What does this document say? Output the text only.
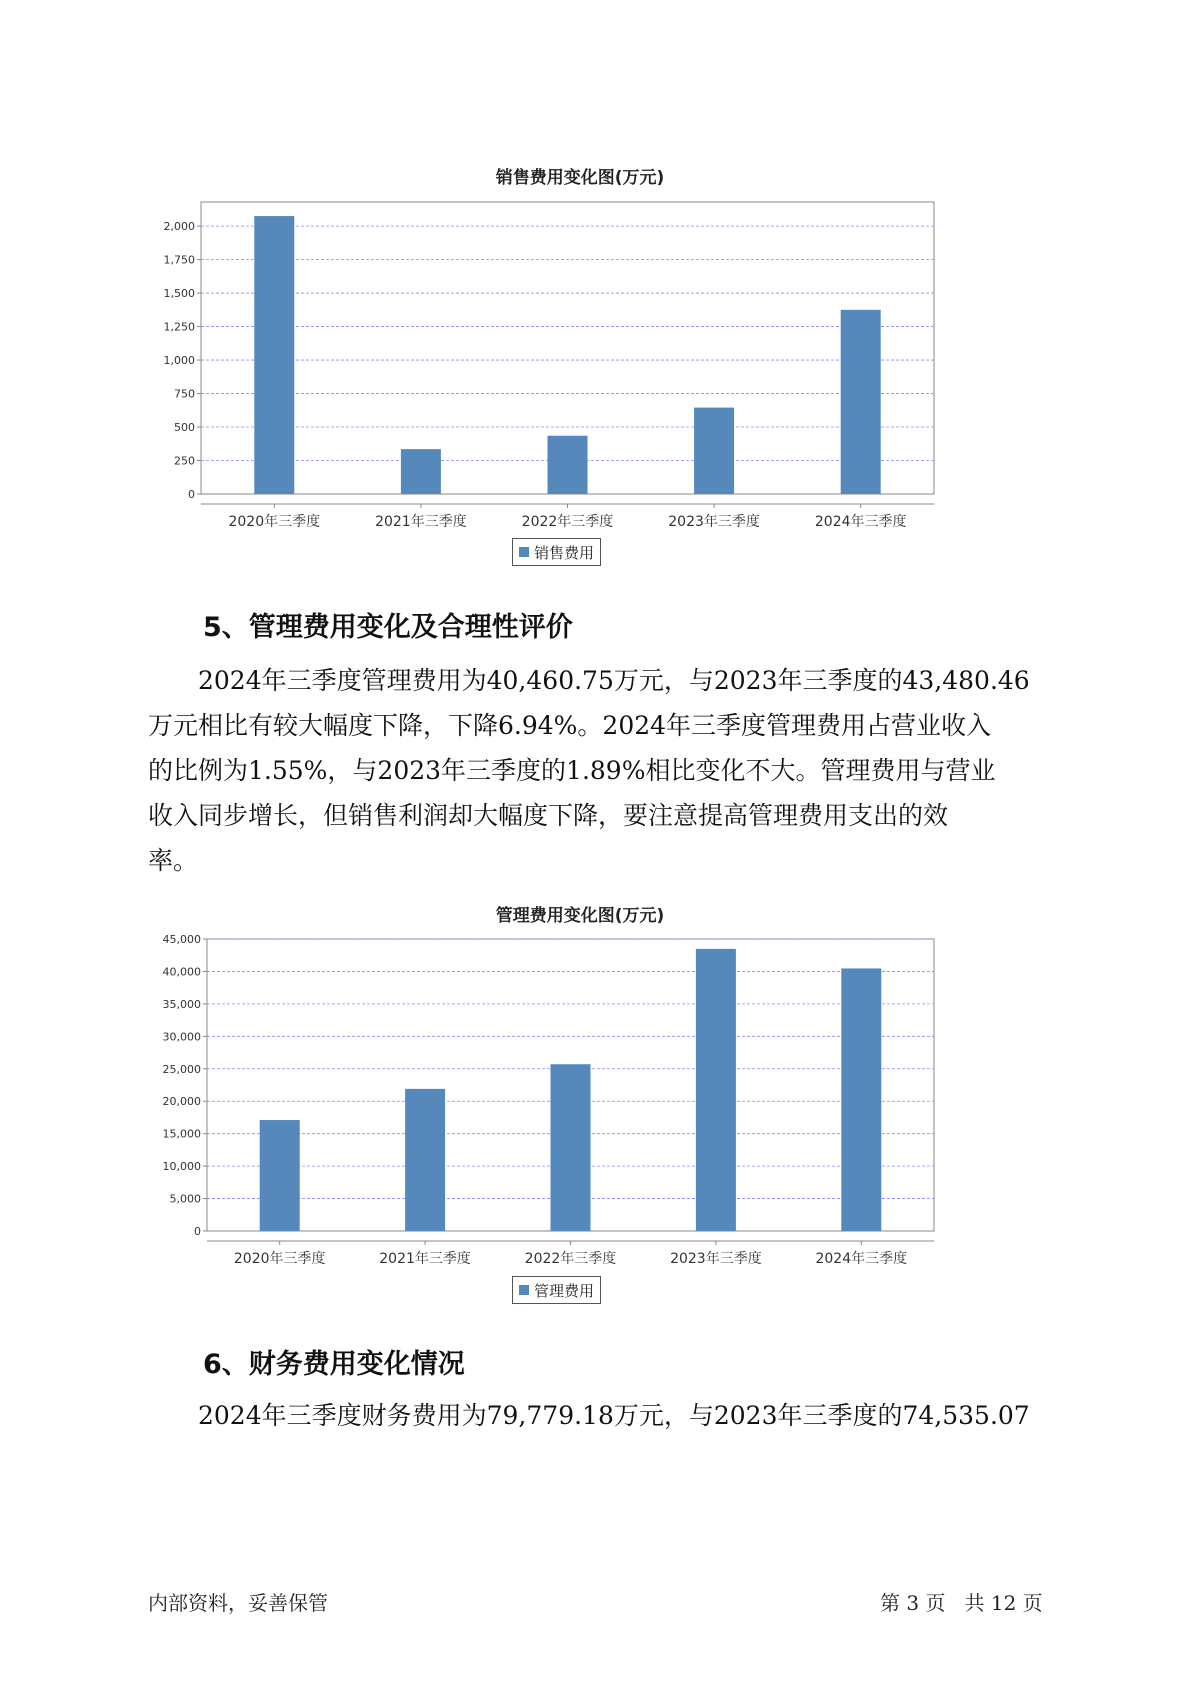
销售费用变化图(万元)
0
250
500
750
1,000
1,250
1,500
1,750
2,000
2020年三季度	2021年三季度	2022年三季度	2023年三季度	2024年三季度
销售费用
5、管理费用变化及合理性评价
2024年三季度管理费用为40,460.75万元，与2023年三季度的43,480.46
万元相比有较大幅度下降，下降6.94%。2024年三季度管理费用占营业收入
的比例为1.55%，与2023年三季度的1.89%相比变化不大。管理费用与营业
收入同步增长，但销售利润却大幅度下降，要注意提高管理费用支出的效
率。
管理费用变化图(万元)
0
5,000
10,000
15,000
20,000
25,000
30,000
35,000
40,000
45,000
2020年三季度	2021年三季度	2022年三季度	2023年三季度	2024年三季度
管理费用
6、财务费用变化情况
2024年三季度财务费用为79,779.18万元，与2023年三季度的74,535.07
内部资料，妥善保管	第 3 页   共 12 页
